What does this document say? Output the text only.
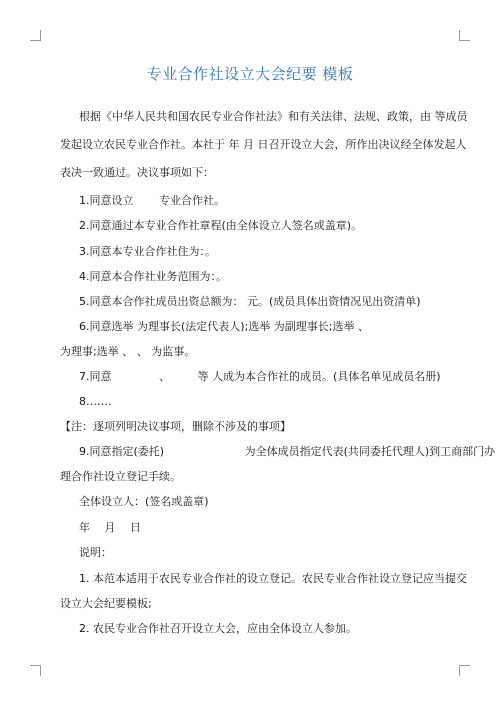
专业合作社设立大会纪要 模板
根据《中华人民共和国农民专业合作社法》和有关法律、法规、政策，由 等成员
发起设立农民专业合作社。本社于 年 月 日召开设立大会，所作出决议经全体发起人
表决一致通过。决议事项如下：
1.同意设立 　　专业合作社。
2.同意通过本专业合作社章程(由全体设立人签名或盖章)。
3.同意本专业合作社住为：。
4.同意本合作社业务范围为：。
5.同意本合作社成员出资总额为： 元。(成员具体出资情况见出资清单)
6.同意选举 为理事长(法定代表人);选举 为副理事长;选举 、
为理事;选举 、 、 为监事。
7.同意 　　　　、　　　等 人成为本合作社的成员。(具体名单见成员名册)
8…….
【注：逐项列明决议事项，删除不涉及的事项】
9.同意指定(委托) 　　　　　　　为全体成员指定代表(共同委托代理人)到工商部门办
理合作社设立登记手续。
全体设立人：(签名或盖章)
年 　月 　日
说明：
1. 本范本适用于农民专业合作社的设立登记。农民专业合作社设立登记应当提交
设立大会纪要模板;
2. 农民专业合作社召开设立大会，应由全体设立人参加。
